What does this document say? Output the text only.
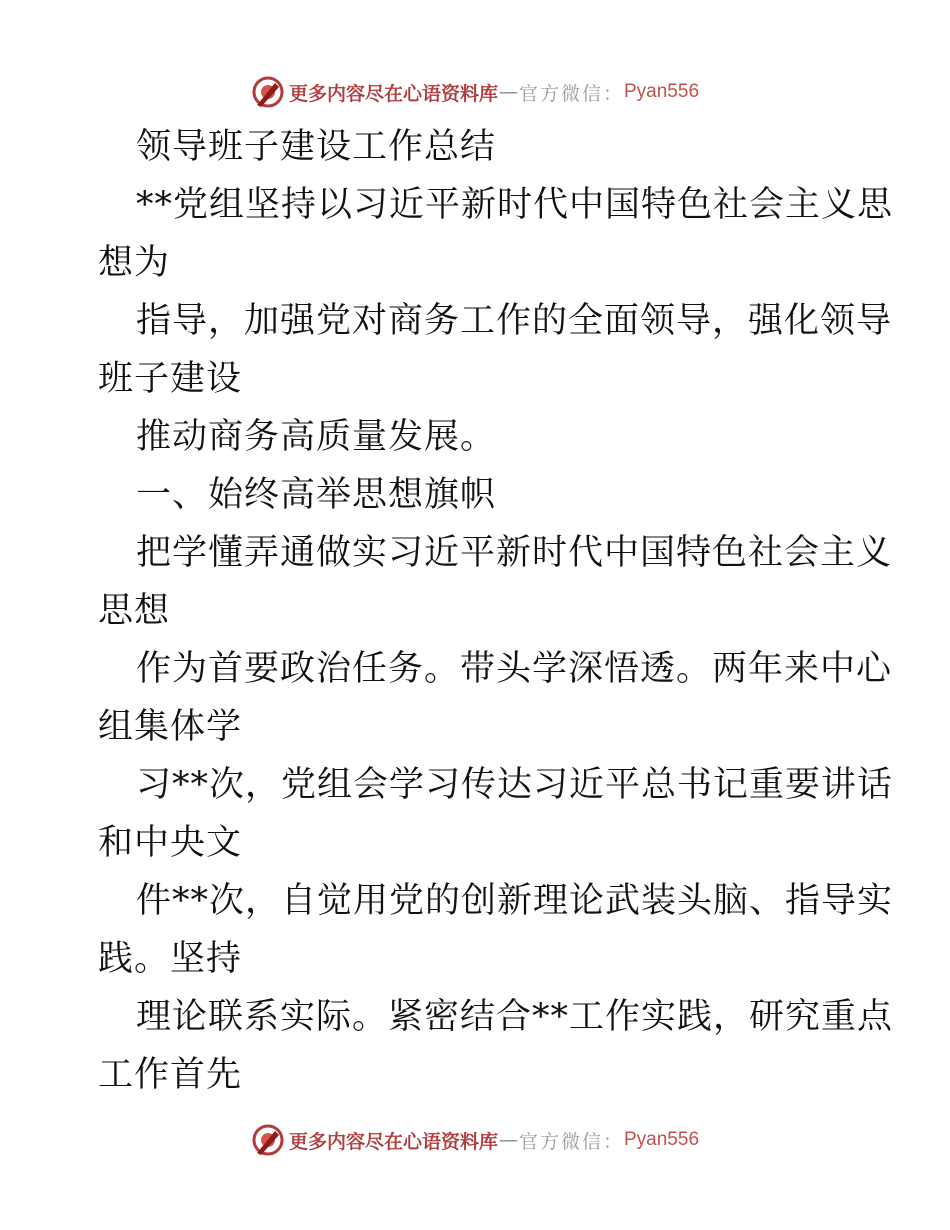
更多内容尽在心语资料库 — 官方微信： Pyan556
领导班子建设工作总结
**党组坚持以习近平新时代中国特色社会主义思
想为
指导，加强党对商务工作的全面领导，强化领导
班子建设
推动商务高质量发展。
一、始终高举思想旗帜
把学懂弄通做实习近平新时代中国特色社会主义
思想
作为首要政治任务。带头学深悟透。两年来中心
组集体学
习**次，党组会学习传达习近平总书记重要讲话
和中央文
件**次，自觉用党的创新理论武装头脑、指导实
践。坚持
理论联系实际。紧密结合**工作实践，研究重点
工作首先
更多内容尽在心语资料库 — 官方微信： Pyan556
